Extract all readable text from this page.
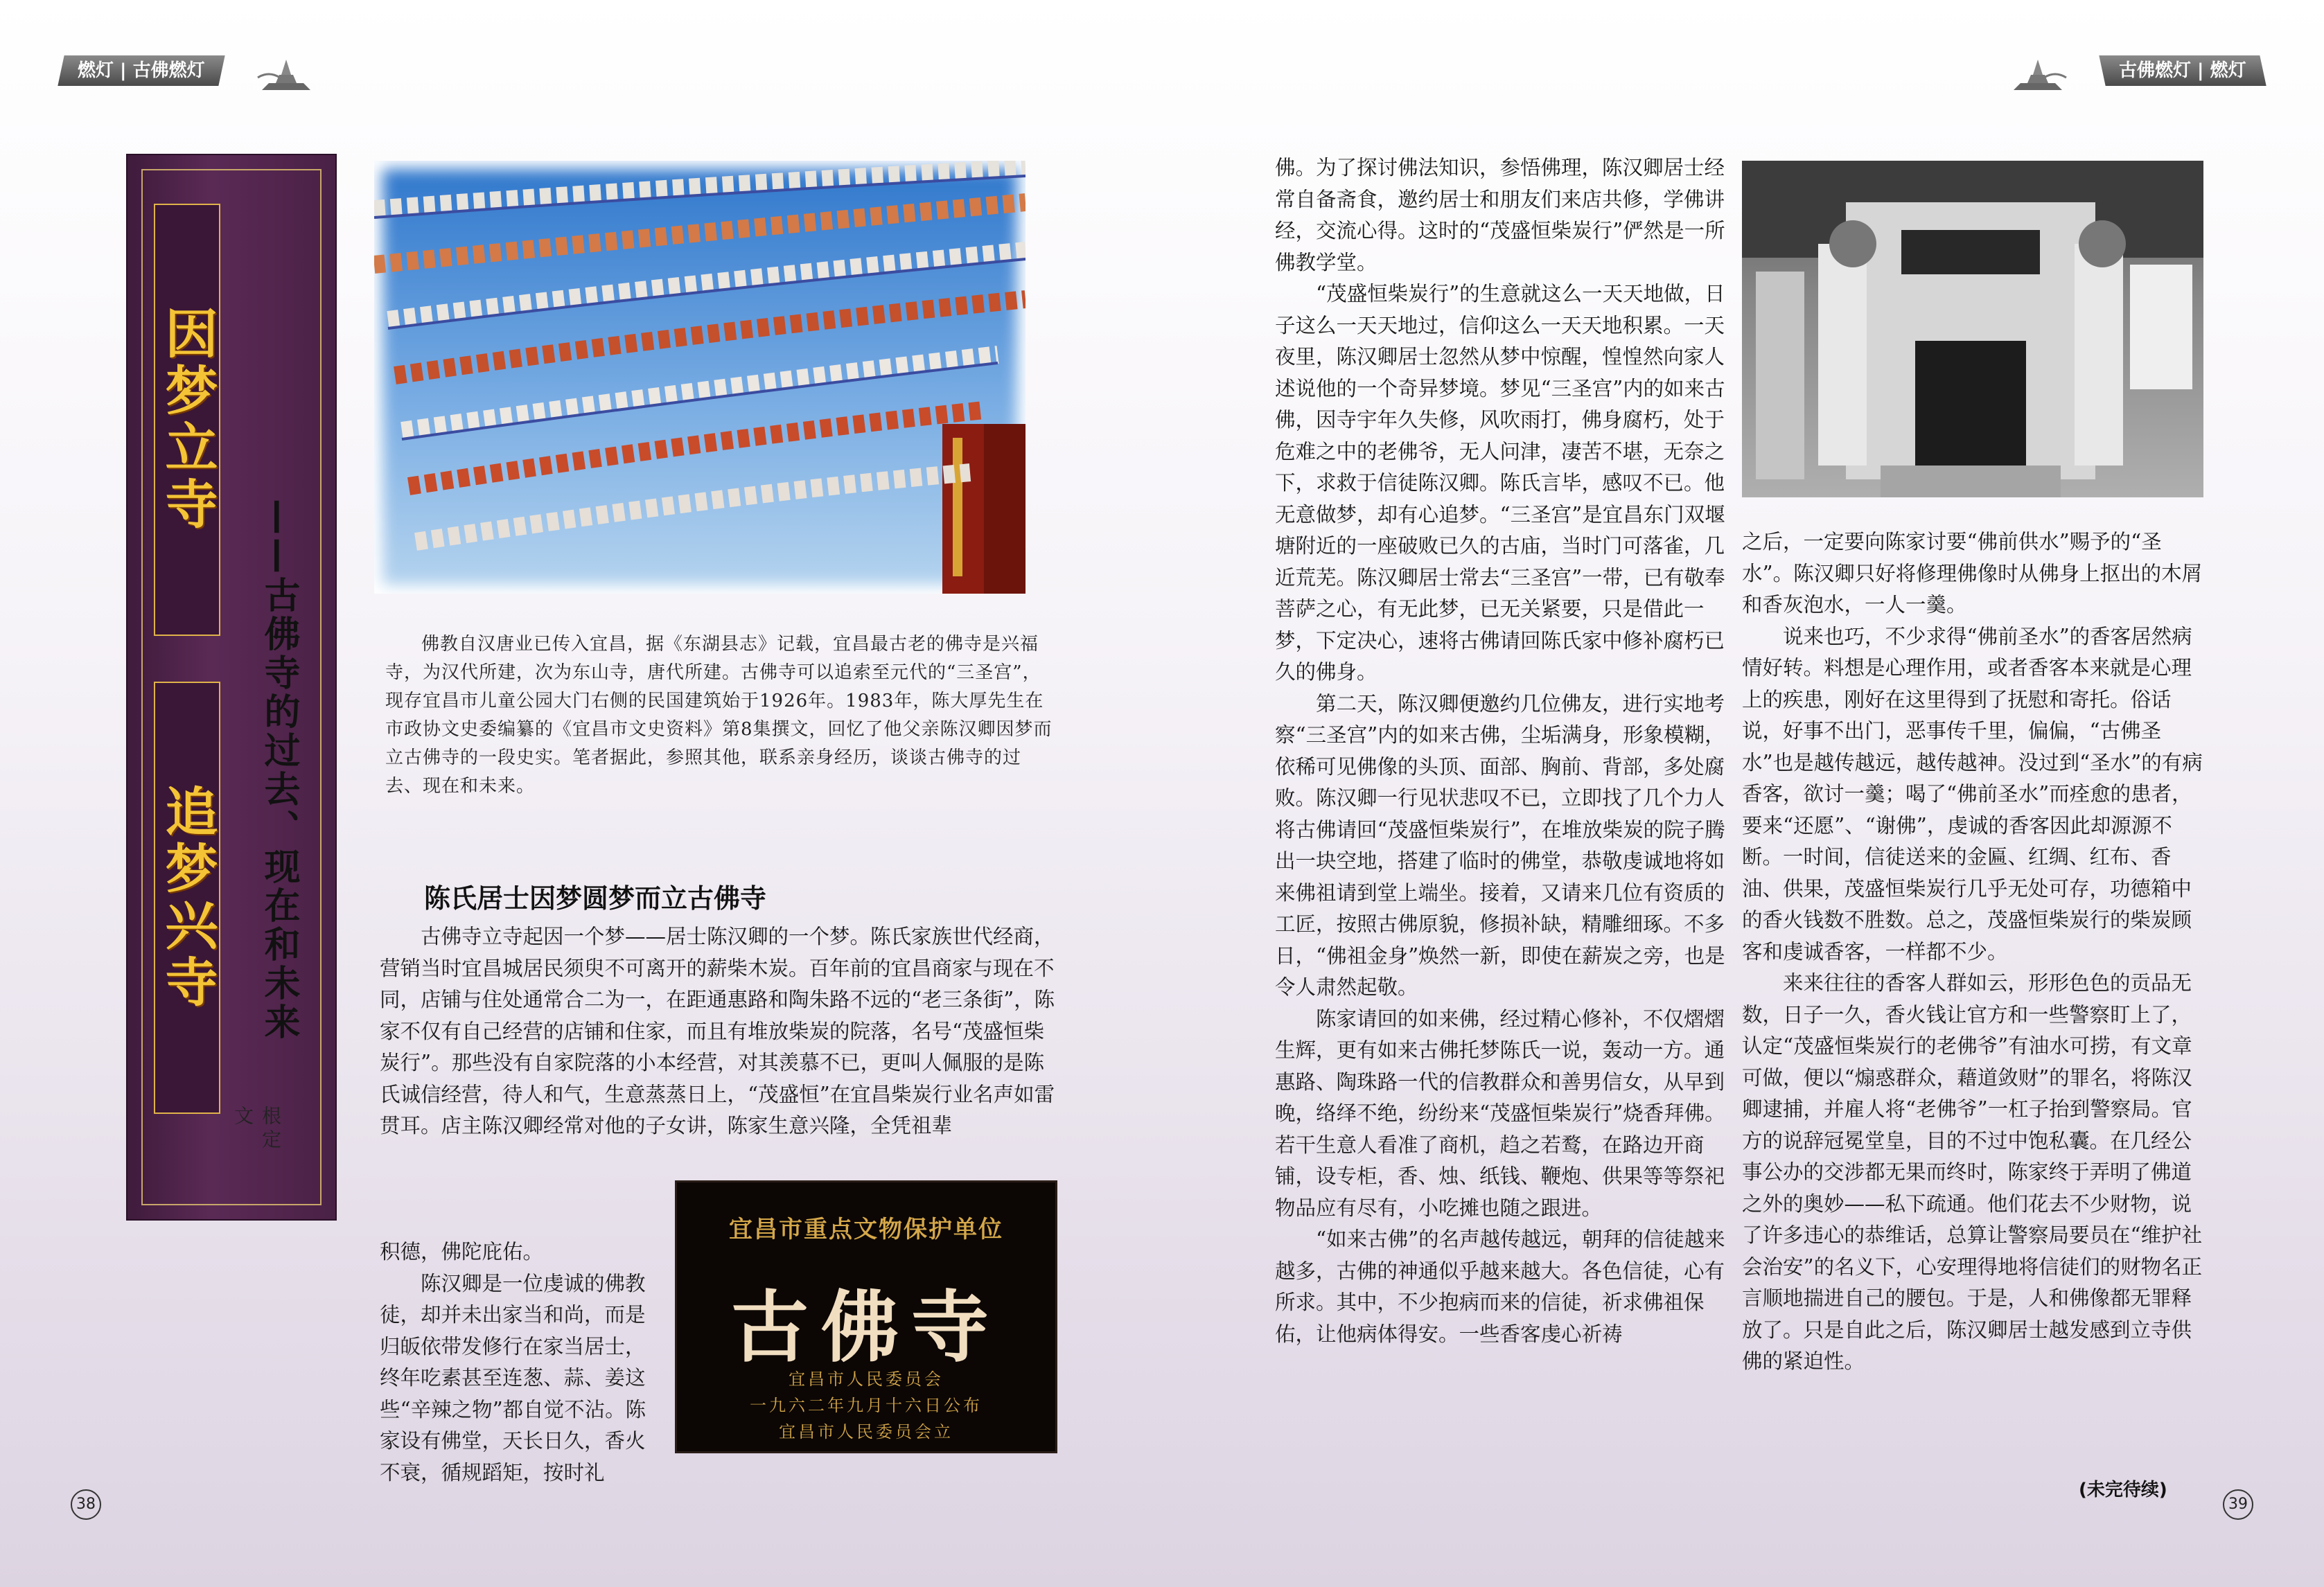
燃灯 | 古佛燃灯	古佛燃灯 | 燃灯
因梦立寺
追梦兴寺 ——古佛寺的过去、现在和未来
根定文

佛教自汉唐业已传入宜昌，据《东湖县志》记载，宜昌最古老的佛寺是兴福寺，为汉代所建，次为东山寺，唐代所建。古佛寺可以追索至元代的“三圣宫”，现存宜昌市儿童公园大门右侧的民国建筑始于1926年。1983年，陈大厚先生在市政协文史委编纂的《宜昌市文史资料》第8集撰文，回忆了他父亲陈汉卿因梦而立古佛寺的一段史实。笔者据此，参照其他，联系亲身经历，谈谈古佛寺的过去、现在和未来。

陈氏居士因梦圆梦而立古佛寺

古佛寺立寺起因一个梦——居士陈汉卿的一个梦。陈氏家族世代经商，营销当时宜昌城居民须臾不可离开的薪柴木炭。百年前的宜昌商家与现在不同，店铺与住处通常合二为一，在距通惠路和陶朱路不远的“老三条街”，陈家不仅有自己经营的店铺和住家，而且有堆放柴炭的院落，名号“茂盛恒柴炭行”。那些没有自家院落的小本经营，对其羡慕不已，更叫人佩服的是陈氏诚信经营，待人和气，生意蒸蒸日上，“茂盛恒”在宜昌柴炭行业名声如雷贯耳。店主陈汉卿经常对他的子女讲，陈家生意兴隆，全凭祖辈

积德，佛陀庇佑。

陈汉卿是一位虔诚的佛教徒，却并未出家当和尚，而是归皈依带发修行在家当居士，终年吃素甚至连葱、蒜、姜这些“辛辣之物”都自觉不沾。陈家设有佛堂，天长日久，香火不衰，循规蹈矩，按时礼

宜昌市重点文物保护单位
古佛寺
宜昌市人民委员会
一九六二年九月十六日公布
宜昌市人民委员会立

佛。为了探讨佛法知识，参悟佛理，陈汉卿居士经常自备斋食，邀约居士和朋友们来店共修，学佛讲经，交流心得。这时的“茂盛恒柴炭行”俨然是一所佛教学堂。

“茂盛恒柴炭行”的生意就这么一天天地做，日子这么一天天地过，信仰这么一天天地积累。一天夜里，陈汉卿居士忽然从梦中惊醒，惶惶然向家人述说他的一个奇异梦境。梦见“三圣宫”内的如来古佛，因寺宇年久失修，风吹雨打，佛身腐朽，处于危难之中的老佛爷，无人问津，凄苦不堪，无奈之下，求救于信徒陈汉卿。陈氏言毕，感叹不已。他无意做梦，却有心追梦。“三圣宫”是宜昌东门双堰塘附近的一座破败已久的古庙，当时门可落雀，几近荒芜。陈汉卿居士常去“三圣宫”一带，已有敬奉菩萨之心，有无此梦，已无关紧要，只是借此一梦，下定决心，速将古佛请回陈氏家中修补腐朽已久的佛身。

第二天，陈汉卿便邀约几位佛友，进行实地考察“三圣宫”内的如来古佛，尘垢满身，形象模糊，依稀可见佛像的头顶、面部、胸前、背部，多处腐败。陈汉卿一行见状悲叹不已，立即找了几个力人将古佛请回“茂盛恒柴炭行”，在堆放柴炭的院子腾出一块空地，搭建了临时的佛堂，恭敬虔诚地将如来佛祖请到堂上端坐。接着，又请来几位有资质的工匠，按照古佛原貌，修损补缺，精雕细琢。不多日，“佛祖金身”焕然一新，即使在薪炭之旁，也是令人肃然起敬。

陈家请回的如来佛，经过精心修补，不仅熠熠生辉，更有如来古佛托梦陈氏一说，轰动一方。通惠路、陶珠路一代的信教群众和善男信女，从早到晚，络绎不绝，纷纷来“茂盛恒柴炭行”烧香拜佛。若干生意人看准了商机，趋之若鹜，在路边开商铺，设专柜，香、烛、纸钱、鞭炮、供果等等祭祀物品应有尽有，小吃摊也随之跟进。

“如来古佛”的名声越传越远，朝拜的信徒越来越多，古佛的神通似乎越来越大。各色信徒，心有所求。其中，不少抱病而来的信徒，祈求佛祖保佑，让他病体得安。一些香客虔心祈祷

之后，一定要向陈家讨要“佛前供水”赐予的“圣水”。陈汉卿只好将修理佛像时从佛身上抠出的木屑和香灰泡水，一人一羹。

说来也巧，不少求得“佛前圣水”的香客居然病情好转。料想是心理作用，或者香客本来就是心理上的疾患，刚好在这里得到了抚慰和寄托。俗话说，好事不出门，恶事传千里，偏偏，“古佛圣水”也是越传越远，越传越神。没过到“圣水”的有病香客，欲讨一羹；喝了“佛前圣水”而痊愈的患者，要来“还愿”、“谢佛”，虔诚的香客因此却源源不断。一时间，信徒送来的金匾、红绸、红布、香油、供果，茂盛恒柴炭行几乎无处可存，功德箱中的香火钱数不胜数。总之，茂盛恒柴炭行的柴炭顾客和虔诚香客，一样都不少。

来来往往的香客人群如云，形形色色的贡品无数，日子一久，香火钱让官方和一些警察盯上了，认定“茂盛恒柴炭行的老佛爷”有油水可捞，有文章可做，便以“煽惑群众，藉道敛财”的罪名，将陈汉卿逮捕，并雇人将“老佛爷”一杠子抬到警察局。官方的说辞冠冕堂皇，目的不过中饱私囊。在几经公事公办的交涉都无果而终时，陈家终于弄明了佛道之外的奥妙——私下疏通。他们花去不少财物，说了许多违心的恭维话，总算让警察局要员在“维护社会治安”的名义下，心安理得地将信徒们的财物名正言顺地揣进自己的腰包。于是，人和佛像都无罪释放了。只是自此之后，陈汉卿居士越发感到立寺供佛的紧迫性。

(未完待续)
38	39
